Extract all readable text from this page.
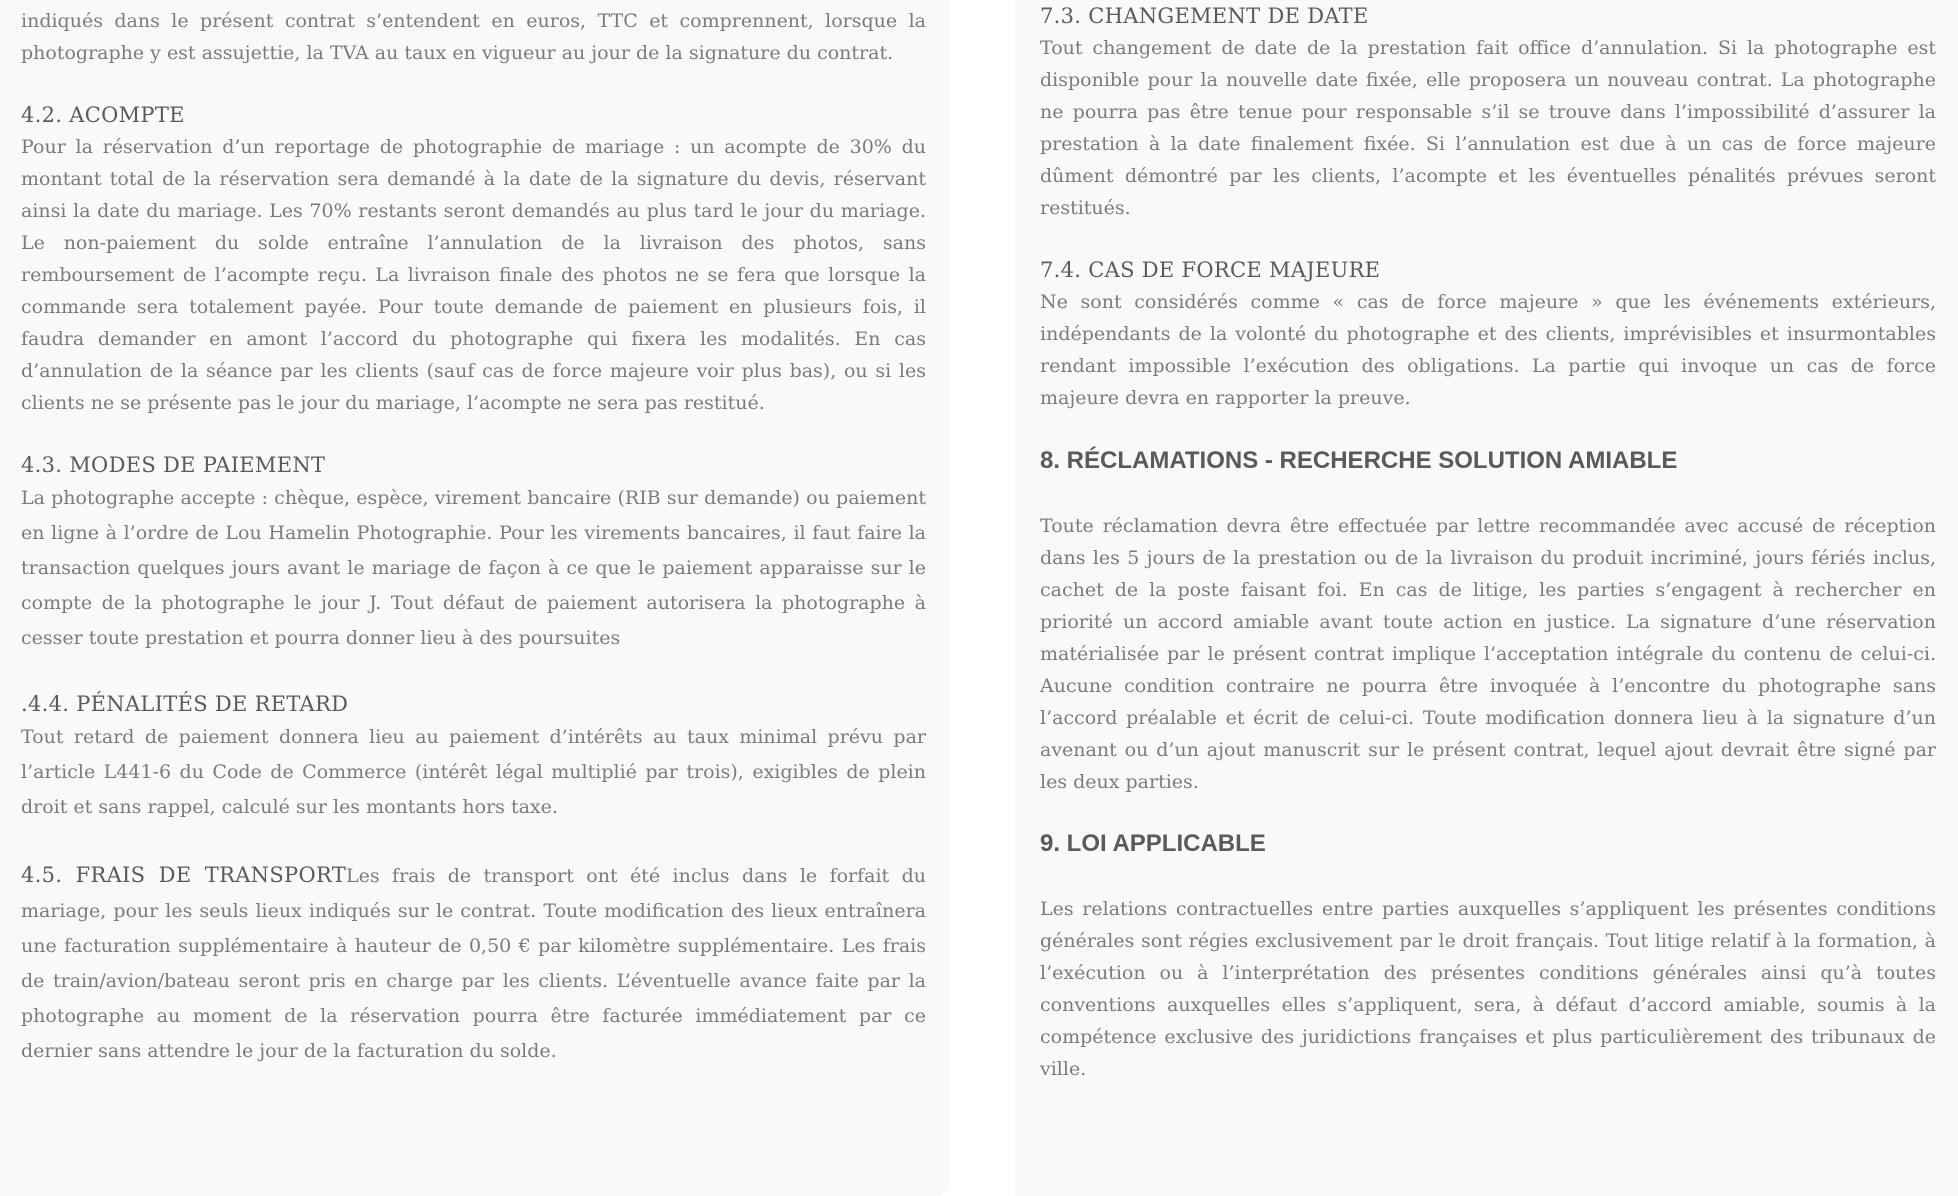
indiqués dans le présent contrat s’entendent en euros, TTC et comprennent, lorsque la photographe y est assujettie, la TVA au taux en vigueur au jour de la signature du contrat.

4.2. ACOMPTE

Pour la réservation d’un reportage de photographie de mariage : un acompte de 30% du montant total de la réservation sera demandé à la date de la signature du devis, réservant ainsi la date du mariage. Les 70% restants seront demandés au plus tard le jour du mariage. Le non-paiement du solde entraîne l’annulation de la livraison des photos, sans remboursement de l’acompte reçu. La livraison finale des photos ne se fera que lorsque la commande sera totalement payée. Pour toute demande de paiement en plusieurs fois, il faudra demander en amont l’accord du photographe qui fixera les modalités. En cas d’annulation de la séance par les clients (sauf cas de force majeure voir plus bas), ou si les clients ne se présente pas le jour du mariage, l’acompte ne sera pas restitué.

4.3. MODES DE PAIEMENT

La photographe accepte : chèque, espèce, virement bancaire (RIB sur demande) ou paiement en ligne à l’ordre de Lou Hamelin Photographie. Pour les virements bancaires, il faut faire la transaction quelques jours avant le mariage de façon à ce que le paiement apparaisse sur le compte de la photographe le jour J. Tout défaut de paiement autorisera la photographe à cesser toute prestation et pourra donner lieu à des poursuites

.4.4. PÉNALITÉS DE RETARD

Tout retard de paiement donnera lieu au paiement d’intérêts au taux minimal prévu par l’article L441-6 du Code de Commerce (intérêt légal multiplié par trois), exigibles de plein droit et sans rappel, calculé sur les montants hors taxe.

4.5. FRAIS DE TRANSPORTLes frais de transport ont été inclus dans le forfait du mariage, pour les seuls lieux indiqués sur le contrat. Toute modification des lieux entraînera une facturation supplémentaire à hauteur de 0,50 € par kilomètre supplémentaire. Les frais de train/avion/bateau seront pris en charge par les clients. L’éventuelle avance faite par la photographe au moment de la réservation pourra être facturée immédiatement par ce dernier sans attendre le jour de la facturation du solde.

7.3. CHANGEMENT DE DATE

Tout changement de date de la prestation fait office d’annulation. Si la photographe est disponible pour la nouvelle date fixée, elle proposera un nouveau contrat. La photographe ne pourra pas être tenue pour responsable s’il se trouve dans l’impossibilité d’assurer la prestation à la date finalement fixée. Si l’annulation est due à un cas de force majeure dûment démontré par les clients, l’acompte et les éventuelles pénalités prévues seront restitués.

7.4. CAS DE FORCE MAJEURE

Ne sont considérés comme « cas de force majeure » que les événements extérieurs, indépendants de la volonté du photographe et des clients, imprévisibles et insurmontables rendant impossible l’exécution des obligations. La partie qui invoque un cas de force majeure devra en rapporter la preuve.

8. RÉCLAMATIONS - RECHERCHE SOLUTION AMIABLE

Toute réclamation devra être effectuée par lettre recommandée avec accusé de réception dans les 5 jours de la prestation ou de la livraison du produit incriminé, jours fériés inclus, cachet de la poste faisant foi. En cas de litige, les parties s’engagent à rechercher en priorité un accord amiable avant toute action en justice. La signature d’une réservation matérialisée par le présent contrat implique l’acceptation intégrale du contenu de celui-ci. Aucune condition contraire ne pourra être invoquée à l’encontre du photographe sans l’accord préalable et écrit de celui-ci. Toute modification donnera lieu à la signature d’un avenant ou d’un ajout manuscrit sur le présent contrat, lequel ajout devrait être signé par les deux parties.

9. LOI APPLICABLE

Les relations contractuelles entre parties auxquelles s’appliquent les présentes conditions générales sont régies exclusivement par le droit français. Tout litige relatif à la formation, à l’exécution ou à l’interprétation des présentes conditions générales ainsi qu’à toutes conventions auxquelles elles s’appliquent, sera, à défaut d’accord amiable, soumis à la compétence exclusive des juridictions françaises et plus particulièrement des tribunaux de ville.
